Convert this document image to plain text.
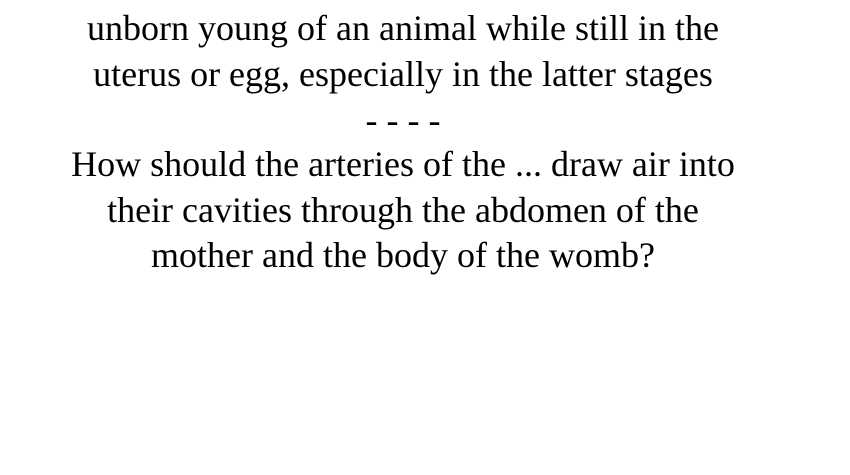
unborn young of an animal while still in the
uterus or egg, especially in the latter stages
- - - -
How should the arteries of the ... draw air into
their cavities through the abdomen of the
mother and the body of the womb?
